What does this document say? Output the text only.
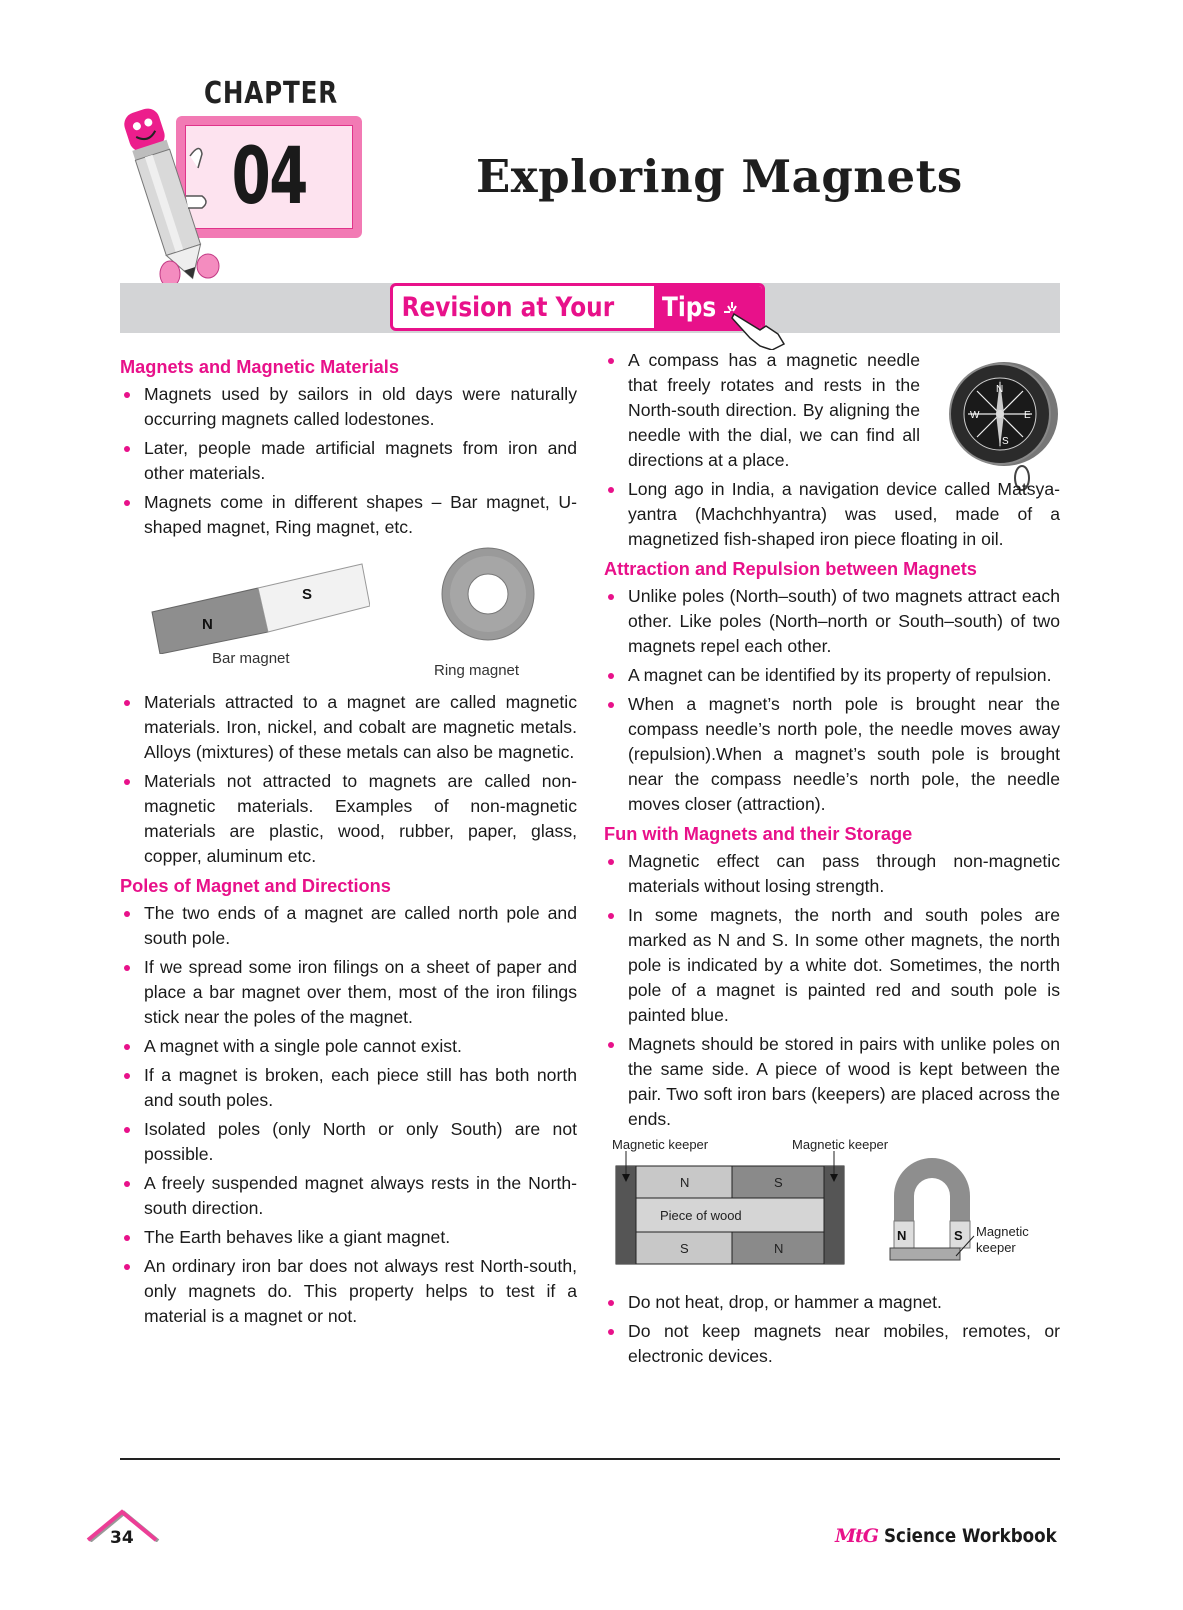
CHAPTER
04	Exploring Magnets
Revision at Your Tips
Magnets and Magnetic Materials
Magnets used by sailors in old days were naturally occurring magnets called lodestones.
Later, people made artificial magnets from iron and other materials.
Magnets come in different shapes – Bar magnet, U-shaped magnet, Ring magnet, etc.
N
S
Bar magnet
Ring magnet
Materials attracted to a magnet are called magnetic materials. Iron, nickel, and cobalt are magnetic metals. Alloys (mixtures) of these metals can also be magnetic.
Materials not attracted to magnets are called non-magnetic materials. Examples of non-magnetic materials are plastic, wood, rubber, paper, glass, copper, aluminum etc.
Poles of Magnet and Directions
The two ends of a magnet are called north pole and south pole.
If we spread some iron filings on a sheet of paper and place a bar magnet over them, most of the iron filings stick near the poles of the magnet.
A magnet with a single pole cannot exist.
If a magnet is broken, each piece still has both north and south poles.
Isolated poles (only North or only South) are not possible.
A freely suspended magnet always rests in the North-south direction.
The Earth behaves like a giant magnet.
An ordinary iron bar does not always rest North-south, only magnets do. This property helps to test if a material is a magnet or not.
N
E
S
W
A compass has a magnetic needle that freely rotates and rests in the North-south direction. By aligning the needle with the dial, we can find all directions at a place.
Long ago in India, a navigation device called Matsya-yantra (Machchhyantra) was used, made of a magnetized fish-shaped iron piece floating in oil.
Attraction and Repulsion between Magnets
Unlike poles (North–south) of two magnets attract each other. Like poles (North–north or South–south) of two magnets repel each other.
A magnet can be identified by its property of repulsion.
When a magnet’s north pole is brought near the compass needle’s north pole, the needle moves away (repulsion).When a magnet’s south pole is brought near the compass needle’s north pole, the needle moves closer (attraction).
Fun with Magnets and their Storage
Magnetic effect can pass through non-magnetic materials without losing strength.
In some magnets, the north and south poles are marked as N and S. In some other magnets, the north pole is indicated by a white dot. Sometimes, the north pole of a magnet is painted red and south pole is painted blue.
Magnets should be stored in pairs with unlike poles on the same side. A piece of wood is kept between the pair. Two soft iron bars (keepers) are placed across the ends.
Magnetic keeper	Magnetic keeper
N	S
Piece of wood
S	N
N	S Magnetic
keeper
Do not heat, drop, or hammer a magnet.
Do not keep magnets near mobiles, remotes, or electronic devices.
34	MtG Science Workbook
